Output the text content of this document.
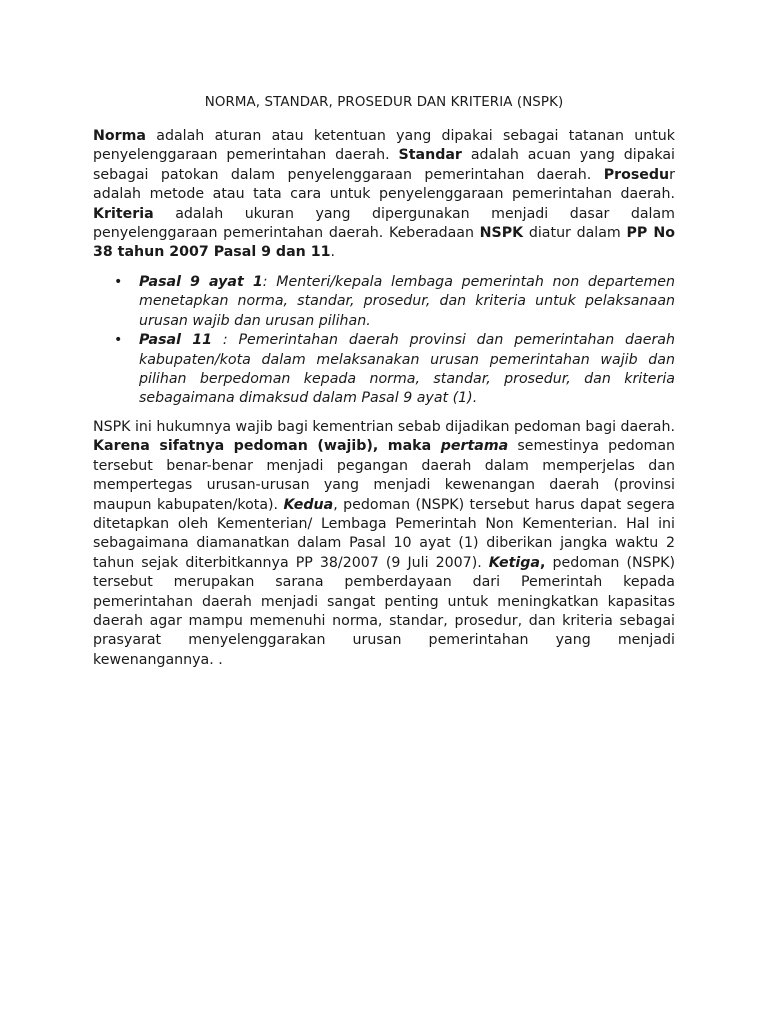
NORMA, STANDAR, PROSEDUR DAN KRITERIA (NSPK)
Norma adalah aturan atau ketentuan yang dipakai sebagai tatanan untuk penyelenggaraan pemerintahan daerah. Standar adalah acuan yang dipakai sebagai patokan dalam penyelenggaraan pemerintahan daerah. Prosedur adalah metode atau tata cara untuk penyelenggaraan pemerintahan daerah. Kriteria adalah ukuran yang dipergunakan menjadi dasar dalam penyelenggaraan pemerintahan daerah. Keberadaan NSPK diatur dalam PP No 38 tahun 2007 Pasal 9 dan 11.
• Pasal 9 ayat 1: Menteri/kepala lembaga pemerintah non departemen menetapkan norma, standar, prosedur, dan kriteria untuk pelaksanaan urusan wajib dan urusan pilihan.
• Pasal 11 : Pemerintahan daerah provinsi dan pemerintahan daerah kabupaten/kota dalam melaksanakan urusan pemerintahan wajib dan pilihan berpedoman kepada norma, standar, prosedur, dan kriteria sebagaimana dimaksud dalam Pasal 9 ayat (1).
NSPK ini hukumnya wajib bagi kementrian sebab dijadikan pedoman bagi daerah. Karena sifatnya pedoman (wajib), maka pertama semestinya pedoman tersebut benar-benar menjadi pegangan daerah dalam memperjelas dan mempertegas urusan-urusan yang menjadi kewenangan daerah (provinsi maupun kabupaten/kota). Kedua, pedoman (NSPK) tersebut harus dapat segera ditetapkan oleh Kementerian/ Lembaga Pemerintah Non Kementerian. Hal ini sebagaimana diamanatkan dalam Pasal 10 ayat (1) diberikan jangka waktu 2 tahun sejak diterbitkannya PP 38/2007 (9 Juli 2007). Ketiga, pedoman (NSPK) tersebut merupakan sarana pemberdayaan dari Pemerintah kepada pemerintahan daerah menjadi sangat penting untuk meningkatkan kapasitas daerah agar mampu memenuhi norma, standar, prosedur, dan kriteria sebagai prasyarat menyelenggarakan urusan pemerintahan yang menjadi kewenangannya. .
